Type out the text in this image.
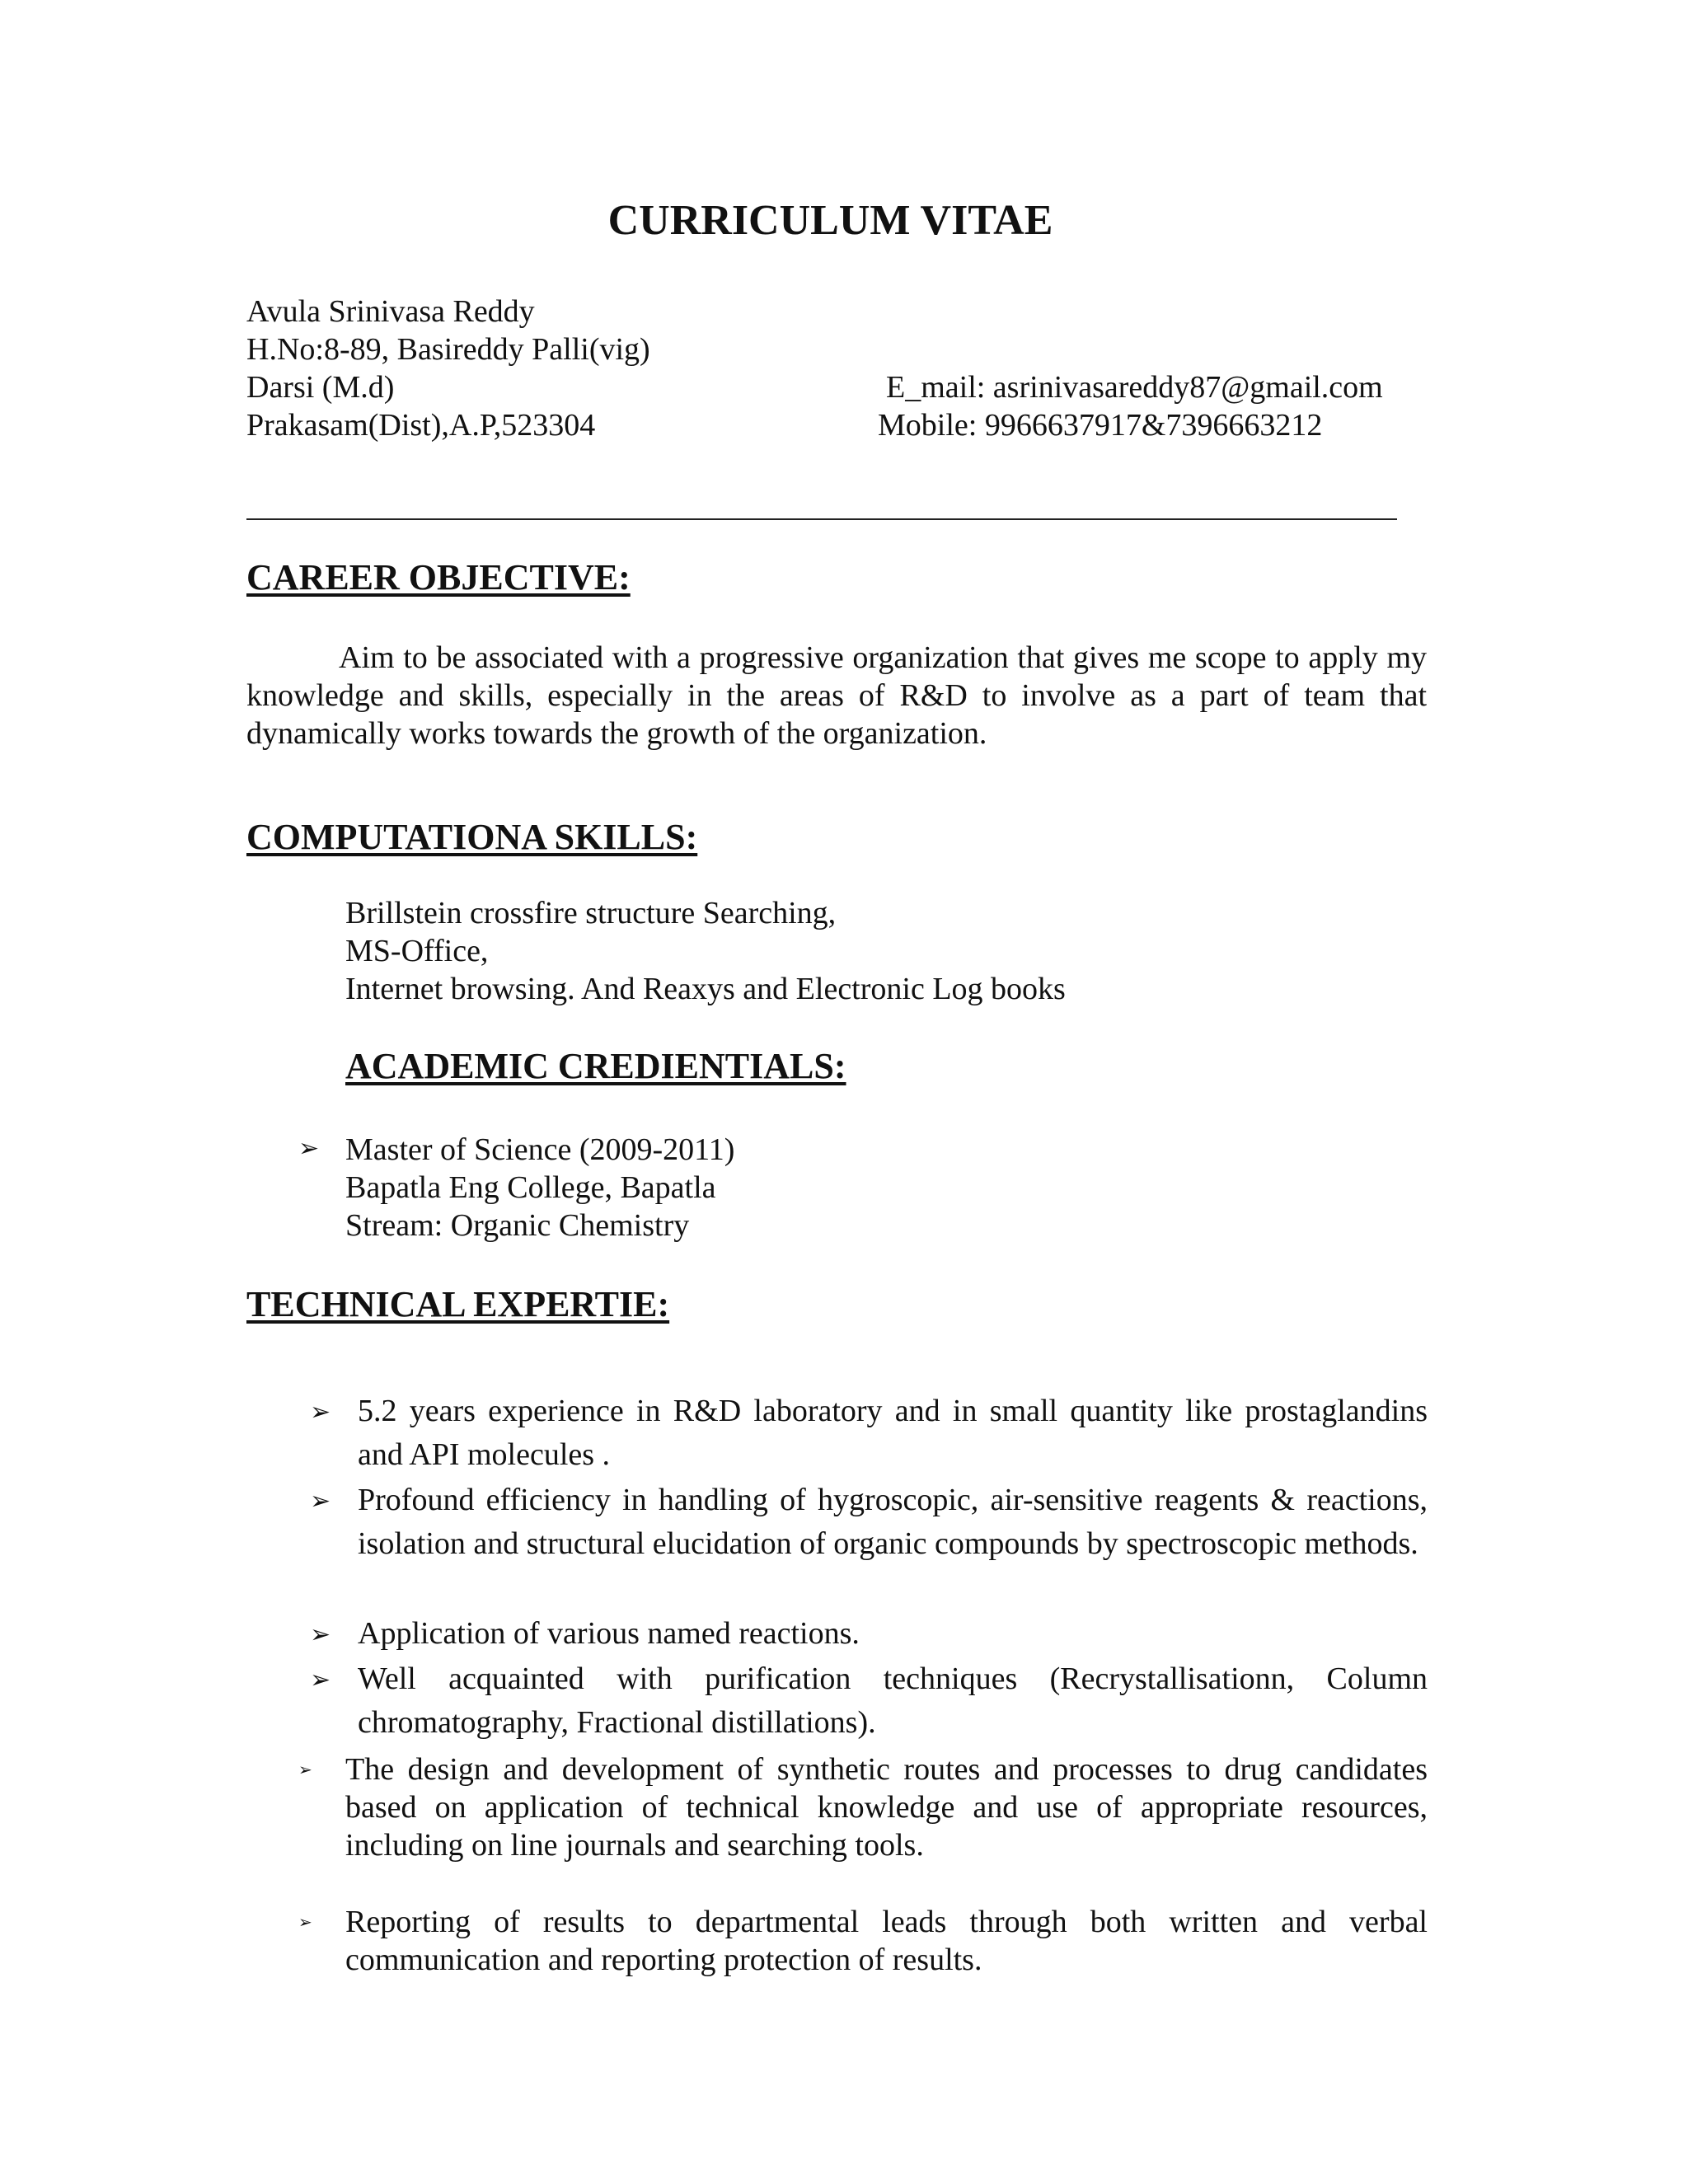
CURRICULUM VITAE
Avula Srinivasa Reddy
H.No:8-89, Basireddy Palli(vig)
Darsi (M.d)
Prakasam(Dist),A.P,523304
E_mail: asrinivasareddy87@gmail.com
Mobile: 9966637917&7396663212
CAREER OBJECTIVE:
Aim to be associated with a progressive organization that gives me scope to apply my knowledge and skills, especially in the areas of R&D to involve as a part of team that dynamically works towards the growth of the organization.
COMPUTATIONA SKILLS:
Brillstein crossfire structure Searching,
MS-Office,
Internet browsing. And Reaxys and Electronic Log books
ACADEMIC CREDIENTIALS:
➢ Master of Science (2009-2011)
Bapatla Eng College, Bapatla
Stream: Organic Chemistry
TECHNICAL EXPERTIE:
➢ 5.2 years experience in R&D laboratory and in small quantity like prostaglandins and API molecules .
➢ Profound efficiency in handling of hygroscopic, air-sensitive reagents & reactions, isolation and structural elucidation of organic compounds by spectroscopic methods.
➢ Application of various named reactions.
➢ Well acquainted with purification techniques (Recrystallisationn, Column chromatography, Fractional distillations).
➢ The design and development of synthetic routes and processes to drug candidates based on application of technical knowledge and use of appropriate resources, including on line journals and searching tools.
➢ Reporting of results to departmental leads through both written and verbal communication and reporting protection of results.
